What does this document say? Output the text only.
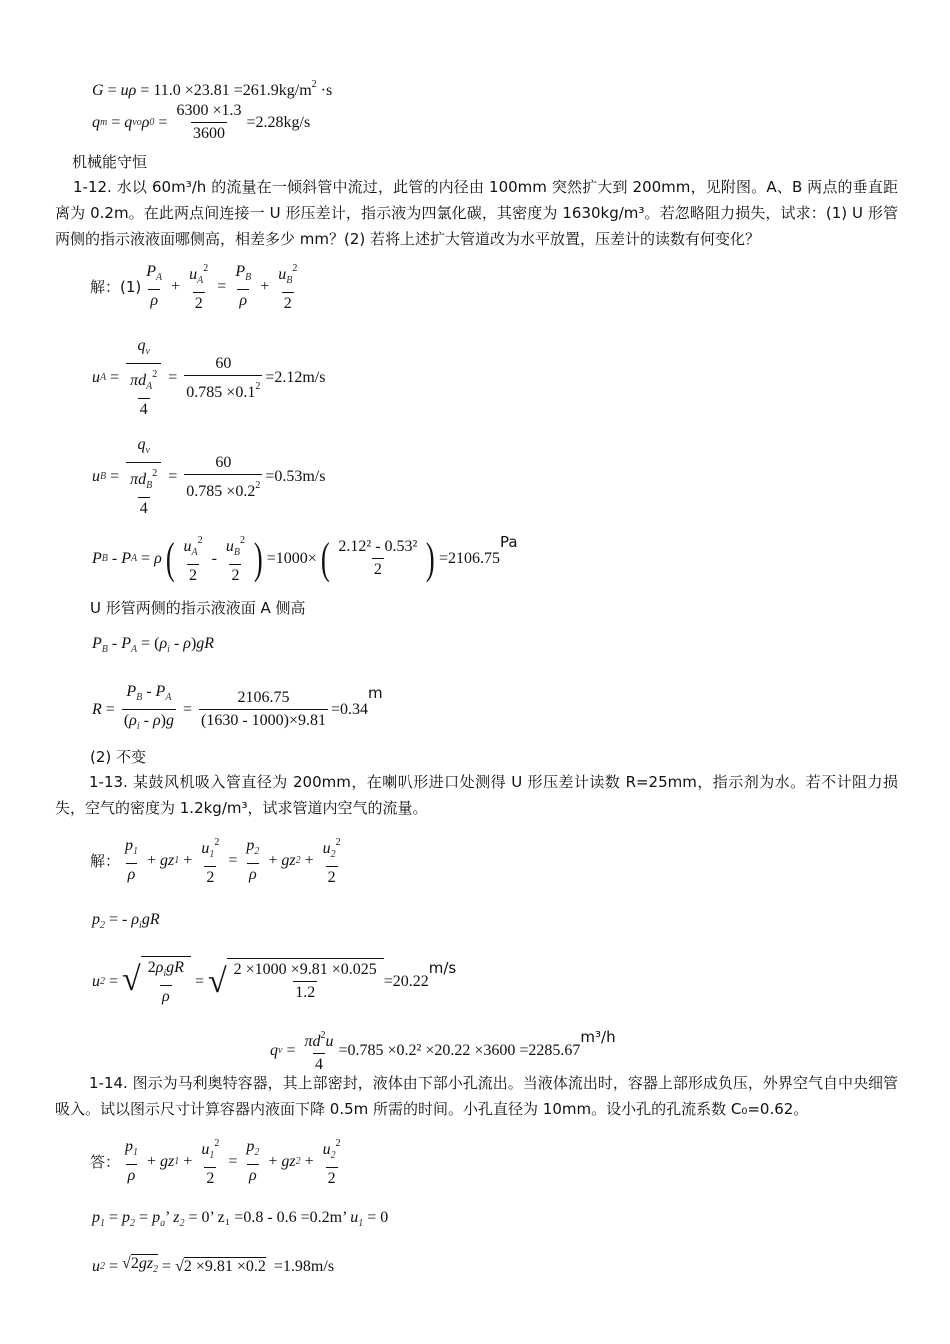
$G = u\rho = 11.0 \times 23.81 =261.9kg/m^2 \cdot s$
q m = q vo ρ $0 = \frac{6300 \times 1.3}{3600} =2.28kg/s$
机械能守恒
1-12. 水以 60m³/h 的流量在一倾斜管中流过，此管的内径由 100mm 突然扩大到 200mm，见附图。A、B 两点的垂直距离为 0.2m。在此两点间连接一 U 形压差计，指示液为四氯化碳，其密度为 1630kg/m³。若忽略阻力损失，试求：(1) U 形管两侧的指示液液面哪侧高，相差多少 mm？(2) 若将上述扩大管道改为水平放置，压差计的读数有何变化？
解：$(1) \frac{P_A}{\rho} + \frac{u_A^2}{2} = \frac{P_B}{\rho} + \frac{u_B^2}{2}$
u $A = \frac{q_v}{\frac{\pi d_A^2}{4}} = \frac{60}{0.785 \times 0.1^2} =2.12m/s$
u $B = \frac{q_v}{\frac{\pi d_B^2}{4}} = \frac{60}{0.785 \times 0.2^2} =0.53m/s$
P B - P A = ρ ( $\frac{u_A^2}{2} - \frac{u_B^2}{2}$ ) =1000× ( $\frac{\text{2.12² - 0.53²}}{2}$ ) =2106.75
Pa
U 形管两侧的指示液液面 A 侧高
$P_B - P_A = (\rho_i - \rho)gR$
$R = \frac{P_B - P_A}{(\rho_i - \rho)g} = \frac{2106.75}{(1630 - 1000)\times 9.81} =0.34$
m
(2) 不变
1-13. 某鼓风机吸入管直径为 200mm，在喇叭形进口处测得 U 形压差计读数 R=25mm，指示剂为水。若不计阻力损失，空气的密度为 1.2kg/m³，试求管道内空气的流量。
解： $\frac{p_1}{\rho}$ + gz $1 + \frac{u_1^2}{2} = \frac{p_2}{\rho}$ + gz $2 + \frac{u_2^2}{2}$
$p_2$ = - $\rho_igR$
u 2 = √ $\frac{2\rho_igR}{\rho}$ = √ $\frac{2 \times 1000 \times 9.81 \times 0.025}{1.2} =20.22$
m/s
q $v = \frac{\pi d^2u}{4} =0.785 \times 0.2^2 \times 20.22 \times 3600 =2285.67$
m³/h
1-14. 图示为马利奥特容器，其上部密封，液体由下部小孔流出。当液体流出时，容器上部形成负压，外界空气自中央细管吸入。试以图示尺寸计算容器内液面下降 0.5m 所需的时间。小孔直径为 10mm。设小孔的孔流系数 C₀=0.62。
答： $\frac{p_1}{\rho}$ + gz $1 + \frac{u_1^2}{2} = \frac{p_2}{\rho}$ + gz $2 + \frac{u_2^2}{2}$
$p_1 = p_2 = p_a$’ $z_2 = 0$’ z₁ =0.8 - 0.6 =0.2m’ $u_1 = 0$
u $2 = √2gz_2 = √2 \times 9.81 \times 0.2 =1.98m/s$
